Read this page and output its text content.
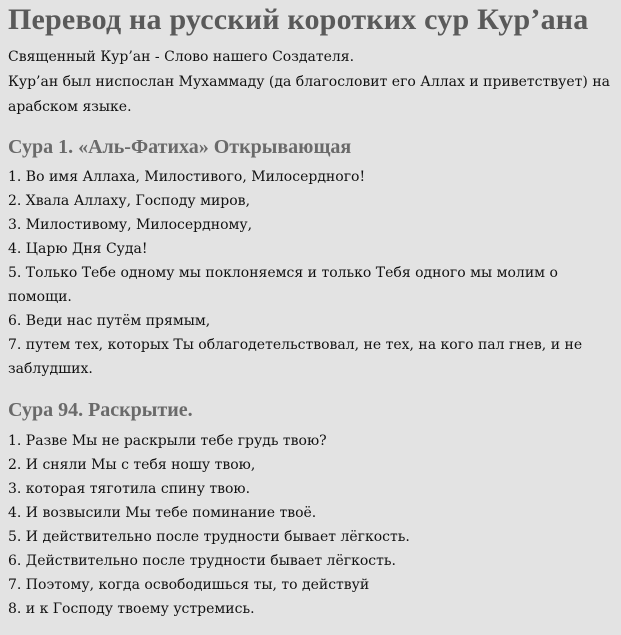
Перевод на русский коротких сур Кур’ана

Священный Кур’ан - Слово нашего Создателя.

Кур’ан был ниспослан Мухаммаду (да благословит его Аллах и приветствует) на арабском языке.

Сура 1. «Аль-Фатиха» Открывающая
1. Во имя Аллаха, Милостивого, Милосердного!
2. Хвала Аллаху, Господу миров,
3. Милостивому, Милосердному,
4. Царю Дня Суда!
5. Только Тебе одному мы поклоняемся и только Тебя одного мы молим о помощи.
6. Веди нас путём прямым,
7. путем тех, которых Ты облагодетельствовал, не тех, на кого пал гнев, и не заблудших.
Сура 94. Раскрытие.
1. Разве Мы не раскрыли тебе грудь твою?
2. И сняли Мы с тебя ношу твою,
3. которая тяготила спину твою.
4. И возвысили Мы тебе поминание твоё.
5. И действительно после трудности бывает лёгкость.
6. Действительно после трудности бывает лёгкость.
7. Поэтому, когда освободишься ты, то действуй
8. и к Господу твоему устремись.
